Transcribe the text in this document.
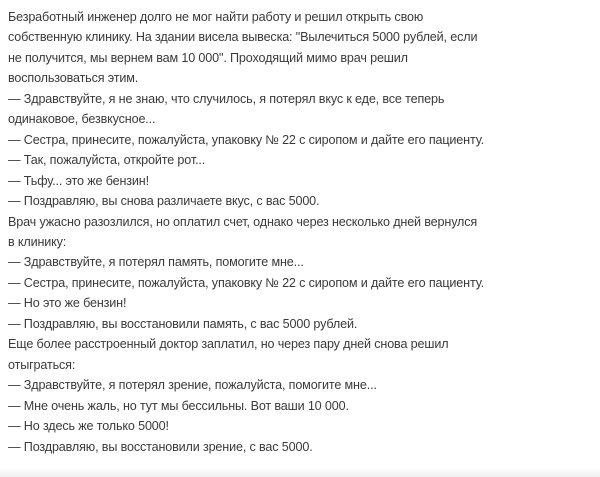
Безработный инженер долго не мог найти работу и решил открыть свою
собственную клинику. На здании висела вывеска: "Вылечиться 5000 рублей, если
не получится, мы вернем вам 10 000". Проходящий мимо врач решил
воспользоваться этим.
— Здравствуйте, я не знаю, что случилось, я потерял вкус к еде, все теперь
одинаковое, безвкусное...
— Сестра, принесите, пожалуйста, упаковку № 22 с сиропом и дайте его пациенту.
— Так, пожалуйста, откройте рот...
— Тьфу... это же бензин!
— Поздравляю, вы снова различаете вкус, с вас 5000.
Врач ужасно разозлился, но оплатил счет, однако через несколько дней вернулся
в клинику:
— Здравствуйте, я потерял память, помогите мне...
— Сестра, принесите, пожалуйста, упаковку № 22 с сиропом и дайте его пациенту.
— Но это же бензин!
— Поздравляю, вы восстановили память, с вас 5000 рублей.
Еще более расстроенный доктор заплатил, но через пару дней снова решил
отыграться:
— Здравствуйте, я потерял зрение, пожалуйста, помогите мне...
— Мне очень жаль, но тут мы бессильны. Вот ваши 10 000.
— Но здесь же только 5000!
— Поздравляю, вы восстановили зрение, с вас 5000.
